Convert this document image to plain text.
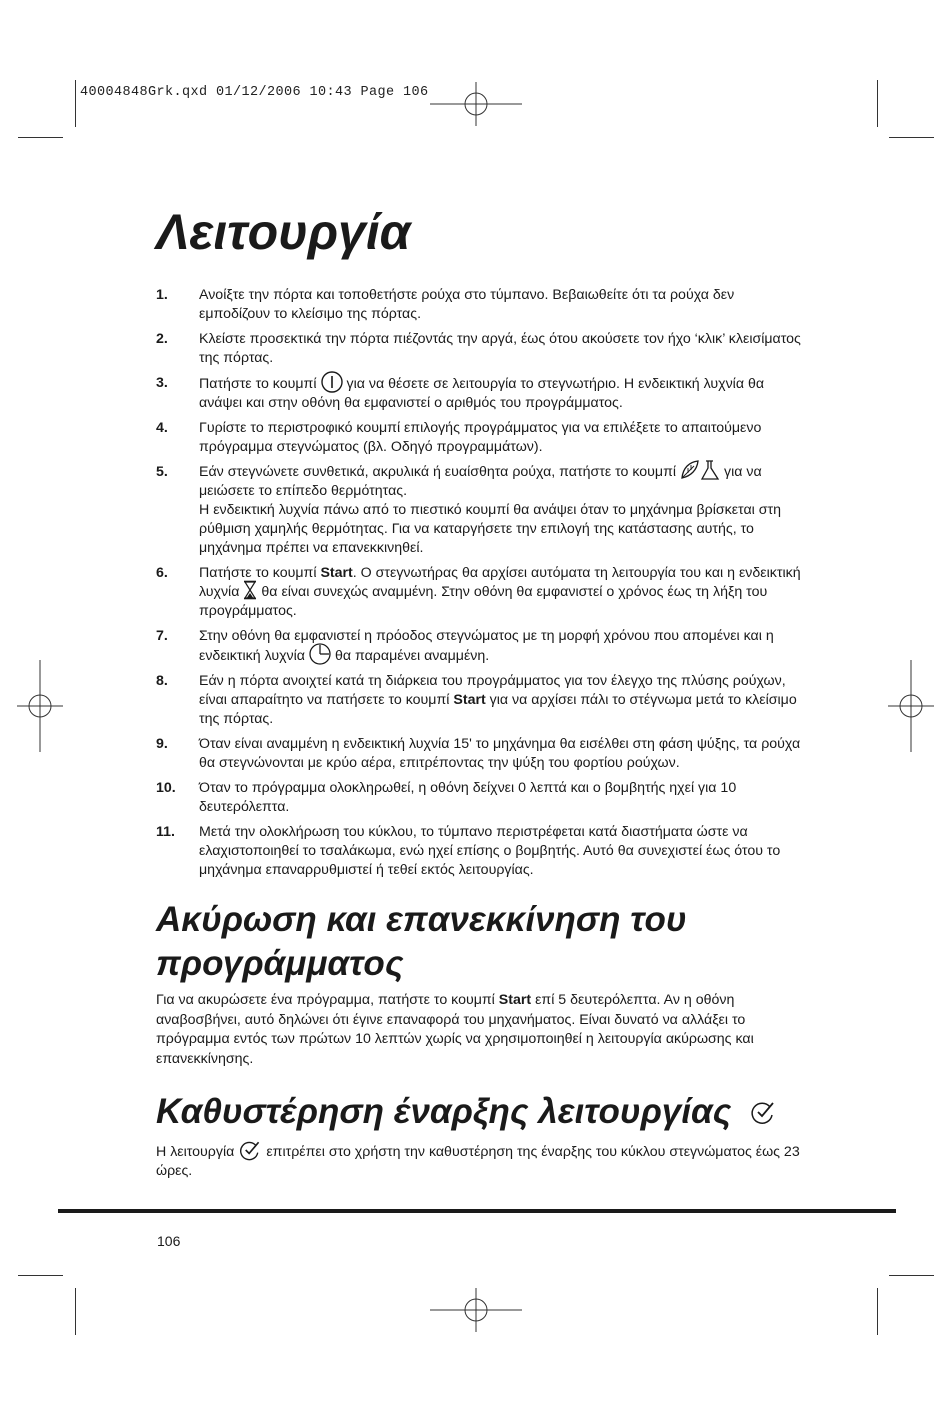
40004848Grk.qxd 01/12/2006 10:43 Page 106
Λειτουργία
1. Ανοίξτε την πόρτα και τοποθετήστε ρούχα στο τύμπανο. Βεβαιωθείτε ότι τα ρούχα δεν εμποδίζουν το κλείσιμο της πόρτας.

2. Κλείστε προσεκτικά την πόρτα πιέζοντάς την αργά, έως ότου ακούσετε τον ήχο ‘κλικ’ κλεισίματος της πόρτας.

3. Πατήστε το κουμπί για να θέσετε σε λειτουργία το στεγνωτήριο. Η ενδεικτική λυχνία θα ανάψει και στην οθόνη θα εμφανιστεί ο αριθμός του προγράμματος.

4. Γυρίστε το περιστροφικό κουμπί επιλογής προγράμματος για να επιλέξετε το απαιτούμενο πρόγραμμα στεγνώματος (βλ. Οδηγό προγραμμάτων).

5. Εάν στεγνώνετε συνθετικά, ακρυλικά ή ευαίσθητα ρούχα, πατήστε το κουμπί	για να μειώσετε το επίπεδο θερμότητας.

Η ενδεικτική λυχνία πάνω από το πιεστικό κουμπί θα ανάψει όταν το μηχάνημα βρίσκεται στη ρύθμιση χαμηλής θερμότητας. Για να καταργήσετε την επιλογή της κατάστασης αυτής, το μηχάνημα πρέπει να επανεκκινηθεί.

6. Πατήστε το κουμπί Start. Ο στεγνωτήρας θα αρχίσει αυτόματα τη λειτουργία του και η ενδεικτική λυχνία θα είναι συνεχώς αναμμένη. Στην οθόνη θα εμφανιστεί ο χρόνος έως τη λήξη του προγράμματος.

7. Στην οθόνη θα εμφανιστεί η πρόοδος στεγνώματος με τη μορφή χρόνου που απομένει και η ενδεικτική λυχνία θα παραμένει αναμμένη.

8. Εάν η πόρτα ανοιχτεί κατά τη διάρκεια του προγράμματος για τον έλεγχο της πλύσης ρούχων, είναι απαραίτητο να πατήσετε το κουμπί Start για να αρχίσει πάλι το στέγνωμα μετά το κλείσιμο της πόρτας.

9. Όταν είναι αναμμένη η ενδεικτική λυχνία 15' το μηχάνημα θα εισέλθει στη φάση ψύξης, τα ρούχα θα στεγνώνονται με κρύο αέρα, επιτρέποντας την ψύξη του φορτίου ρούχων.

10. Όταν το πρόγραμμα ολοκληρωθεί, η οθόνη δείχνει 0 λεπτά και ο βομβητής ηχεί για 10 δευτερόλεπτα.

11. Μετά την ολοκλήρωση του κύκλου, το τύμπανο περιστρέφεται κατά διαστήματα ώστε να ελαχιστοποιηθεί το τσαλάκωμα, ενώ ηχεί επίσης ο βομβητής. Αυτό θα συνεχιστεί έως ότου το μηχάνημα επαναρρυθμιστεί ή τεθεί εκτός λειτουργίας.

Ακύρωση και επανεκκίνηση του
προγράμματος

Για να ακυρώσετε ένα πρόγραμμα, πατήστε το κουμπί Start επί 5 δευτερόλεπτα. Αν η οθόνη αναβοσβήνει, αυτό δηλώνει ότι έγινε επαναφορά του μηχανήματος. Είναι δυνατό να αλλάξει το πρόγραμμα εντός των πρώτων 10 λεπτών χωρίς να χρησιμοποιηθεί η λειτουργία ακύρωσης και επανεκκίνησης.

Καθυστέρηση έναρξης λειτουργίας

Η λειτουργία επιτρέπει στο χρήστη την καθυστέρηση της έναρξης του κύκλου στεγνώματος έως 23 ώρες.

106
